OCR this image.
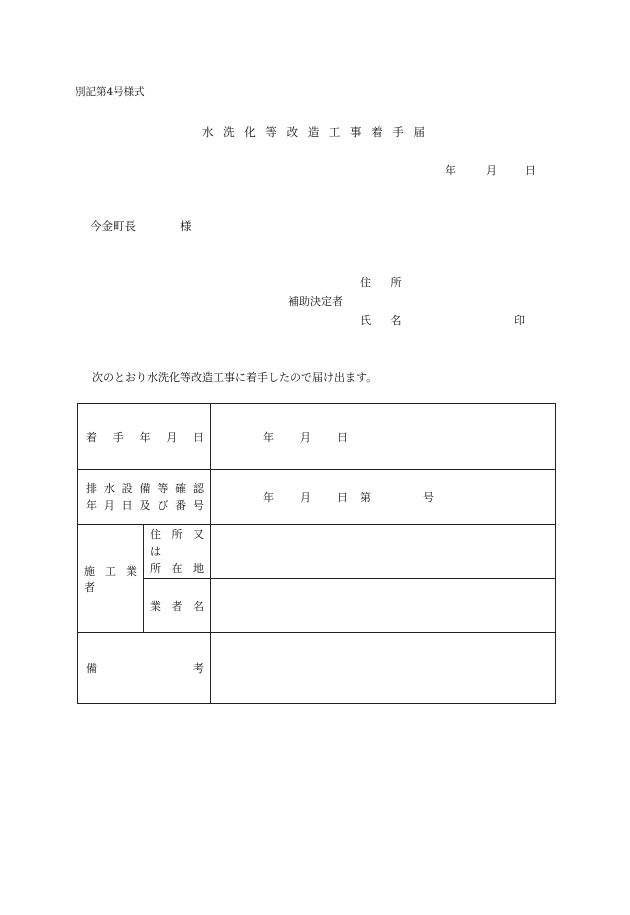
別記第4号様式
水 洗 化 等 改 造 工 事 着 手 届
年	月	日
今金町長	様
住 所
補助決定者
氏 名	印
次のとおり水洗化等改造工事に着手したので届け出ます。
着 手 年 月 日		年 月 日

排 水 設 備 等 確 認
年 月 日 及 び 番 号		年 月 日 第 号
施 工 業 者	住 所 又 は
所 在 地	

	業 者 名	

備 考		
